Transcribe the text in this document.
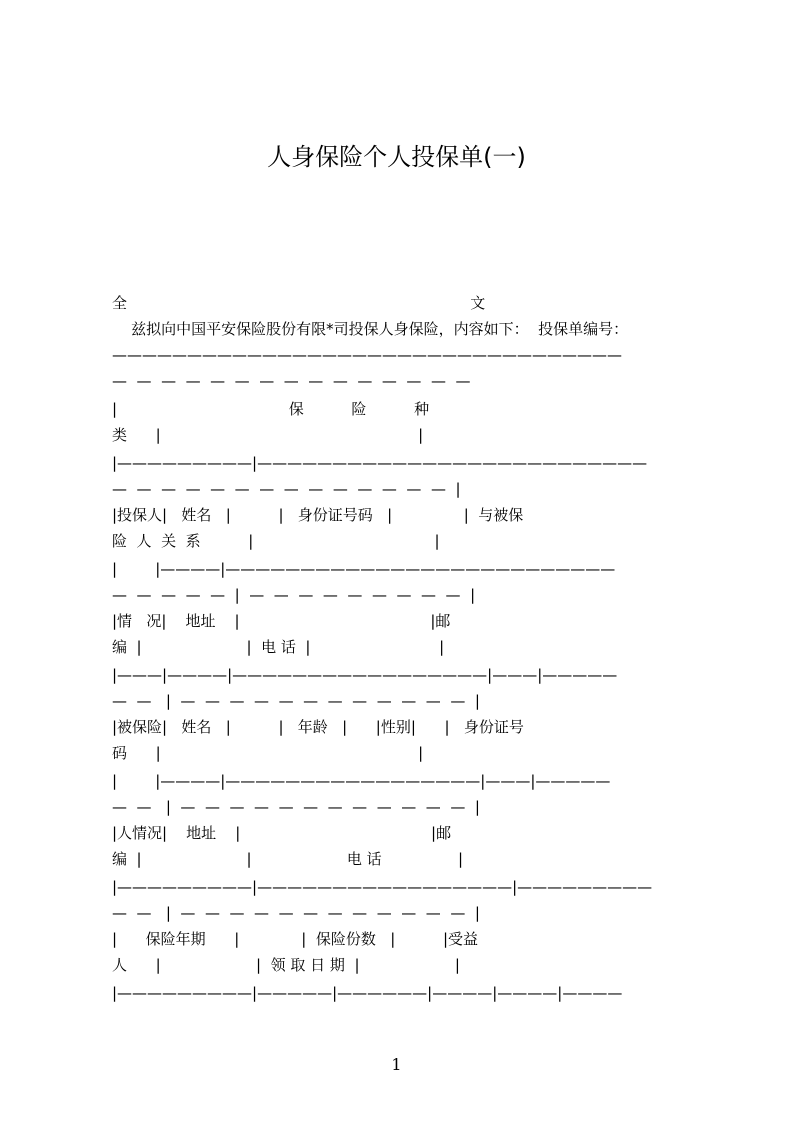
人身保险个人投保单(一)
全                                                                        文
兹拟向中国平安保险股份有限*司投保人身保险，内容如下：  投保单编号：
——————————————————————————————————
—  —  —  —  —  —  —  —  —  —  —  —  —  —  —
|                                    保          险          种
类      |                                                      |
|—————————|——————————————————————————
—  —  —  —  —  —  —  —  —  —  —  —  —  —  |
|投保人|   姓名   |          |   身份证号码   |               |  与被保
险  人  关  系          |                                      |
|        |————|——————————————————————————
—  —  —  —  —  |  —  —  —  —  —  —  —  —  —  |
|情   况|    地址    |                                        |邮
编  |                      |  电 话  |                           |
|———|————|—————————————————|———|—————
—  —   |  —  —  —  —  —  —  —  —  —  —  —  —  |
|被保险|   姓名   |          |   年龄   |      |性别|      |   身份证号
码      |                                                      |
|        |————|—————————————————|———|—————
—  —   |  —  —  —  —  —  —  —  —  —  —  —  —  |
|人情况|    地址    |                                        |邮
编  |                      |                    电 话                |
|—————————|—————————————————|—————————
—  —   |  —  —  —  —  —  —  —  —  —  —  —  —  |
|      保险年期      |             |  保险份数   |          |受益
人      |                    |  领 取 日 期  |                    |
|—————————|—————|——————|————|————|————
1
